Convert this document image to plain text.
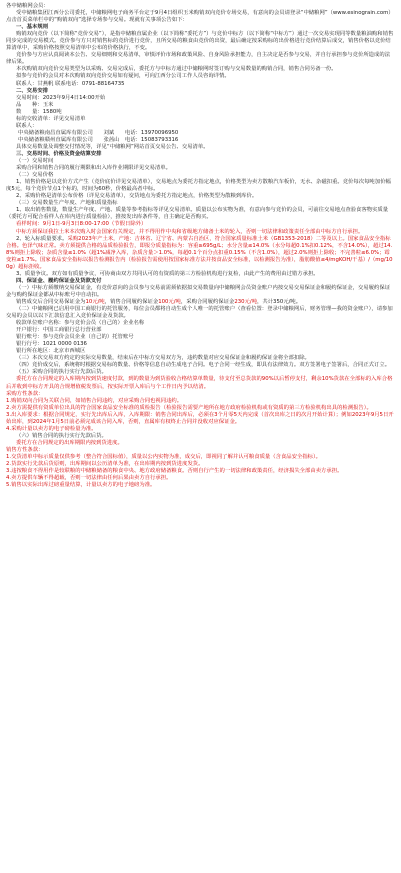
各中储粮网会员：

受中储粮集团江西分公司委托，中储粮网电子商务平台定于9月4日组织玉米购销双向竞价专场交易，有意向的会员请登录“中储粮网”（www.esinograin.com）点击首页菜单栏中的“购销双向”选择专场参与交易。现就有关事项公告如下：

一、基本规则

购销双向竞价（以下简称“竞价交易”），是指中储粮直属企业（以下简称“委托方”）与竞价中标方（以下简称“中标方”）通过一次交易实现同等数量粮油购和销售同步完成的交易模式。竞价参与方只对销售标的竞价进行竞价，且所交易的粮食由竞价的出资，最后确定按采购标的出价格进行竞价结算后成交，销售价格以竞价结算清单中，采购价格按照交易清单中公布的价格执行，不变。

竞价参与方应认真阅读本公告、交易细则和交易清单，审慎评价市场和政策风险、自身风险承担能力，自主决定是否参与交易，并自行承担参与竞价所造成的法律后果。

本次购销双向竞价交易类型为以采购、交易完成后，委托方与中标方通过中储粮网时签订购与交易数量的购销合同，销售合同另备一份。

拟参与竞价的会员对本次购销双向竞价交易如有疑问，可向江西分公司工作人员咨询详情。

联系人：甘燕帆 联系电话：0791-88164735

二、交易安排

交易时间：2023年9月4日14:00开始

品　　种：玉米

数　　量：1580吨

标的交收清单：详见交易清单

联系人：

中央储备粮南昌直属库有限公司　　刘斌　　电话：13970096950

中央储备粮赣州直属库有限公司　　张茜山　电话：15083793316

具体交易数量及调整交付情况等，详见“中储粮网”网站首页交易公告、交易清单。

三、交易时间、价格及资金结算安排

（一）交易时间

采购合同和销售合同的履行期限和出入库作业期限详见交易清单。

（二）交易价格

1、销售价格是以竞价方式产生（竞价底价详见交易清单），交易地点为委托方指定地点，价格类型为卖方散粮汽车板价，无水、杂磁扣重。竞价每次每吨加价幅度5元，每个竞价节点1个标的，时间为60秒，价格最高者中标。

2、采购价格是清单公布价格（详见交易清单），交货地点为委托方指定地点，价格类型为散粮到库价。

（三）交易数量生产年度、产地和质量指标

1、取出销售数量，数量生产年度、产地、质量等参考指标等详见交易清单。质量以公布实物为准，有意向参与竞价的会员，可前往交易地点查验食客物实质量（委托方可配合看样人在库内进行质量检验），推按发出库条件等，自主确定是否购买。

看样时间：9月1日-9月3日8:00-17:00（节假日除外）

中标方须保证我拉土米本次购入时会国家有关规定，并不得用作中央和省级地方储备土米的轮入，否则一切法律和政策责任全部由中标方自行承担。

2、轮入标质量要求。采购2023年产土米，产地：吉林省、辽宁省、内蒙古自治区，符合国家质量标准土米（GB1353-2018）二等及以上。国家食品安全指标合格。色泽气味正常。卖方须提供合格的品质检验报告，即报分质量指标为：容重≥695g/L；水分含量≤14.0%（水分每超0.1%扣0.12%，不含14.0%），超过14.8%则拒上除收；杂质含量≤1.0%（超1%减净入库，杂质含量＞1.0%，每超0.1个百分点扣重0.15%（不含1.0%），超过2.0%则拒上除收；不完善粒≤6.0%；霉变粒≤1.7%。国家食品安全指标以报告检测报告内（检验报告需使用按国家标准方法并按食品安全标准，以检测报告为准），脂肪酸值≤4/mgKOH/干基）/（mg/100g）超标拒收。

3、质量争议。双方如有质量争议，可协商由双方共同认可的有资质的第三方检验机构进行复检，由此产生的费用由过错方承担。

四、保证金、履约保证金及货款支付

（一）中标方须缴纳交易保证金，有竞价意向的会员参与交易前需须依据拟交易数量向中储粮网会员资金账户内按交易交易保证金和履约保证金，交易履约保证金与购约保证金都从中标账号中自动扣。

销售成交后合同交易保证金为10元/吨，销售合同履约保证金100元/吨，采购合同履约保证金230元/吨，共计350元/吨。

（二）中储粮网已启用中国工商银行的托管服务，每位会员都将自动生成个人唯一的托管账户（查看位置：登录中储粮网后，财务管理—我的资金账户），请参加交易的会员以以下汇款信息汇入竞价保证金及货款。

收款单位账户名称：参与竞价会员（自己的）企业名称

开户银行：中国工商银行总行营业部

银行账号：参与竞价会员企业（自己的）托管账号

银行行号：1021 0000 0136

银行所在地区：北京市西城区

（三）本次交易双方约定的实际交易数量，结束后在中标方交易双方为，违约数量对应交易保证金和履约保证金将全部扣除。

（四）竞价成交后，系统将时根据交易标的数量、价格等信息自动生成电子合同。电子合同一经生成，即具有法律效力。双方签署电子签署后，合同正式订立。

（五）采购合同的执行实行先款后货。

委托方在合同规定的入库期内按到货速度付款，到的数量为到货验收合格结算单数量，待支付至总货款的90%以后暂停支付，剩余10%货款在全部标的入库合格后并收到中标方开具的合规增值税发票后，按实际开票入库后与个工作日内予以结清。

采购方性条款：

1.购销双向合同为关联合同，如销售合同违约，对应采购合同也视同违约。

2.卖方需提供有资质单位出具的符合国家食品安全标准的质检报告（检验报告需要产地所在地方政府检验机构或有资质的第三方检验机构出具的检测报告）。

3.出入库要求：根据合同规定，实行先出库后入库，入库期限：销售合同出库后，必须在3个月零5天内完成（首次出库之日的次月开始计算）；例如2023年9月5日开始出库，到2024年1月5日前必须完成该合同入库，否则，直属库有权终止合同并没收对应保证金。

4.采购计量以卖方的电子磅检量为准。

（六）销售合同的执行实行先款后货。

委托方在合同规定的出库期限内按到货进度。

销售方性条款：

1.交货清单中标示质量仅供参考（整合符合国标值），质量以公内实物为准，成交后，即视同了解并认可粮食质量（含食品安全指标）。

2.货款实行先款后货原则，出库期间以公历清单为准，在出库期内按到货进度发货。

3.违按粮食不得用作是较联粮的中储粮储备的粮食中央、地方政府储备粮食。否则自行产生的一切法律和政策责任，经济损失全部由卖方承担。

4.卖方提供车辆不得超载，否则一切法律由任何后果由卖方自行承担。

5.销售以实际出库过磅重量结算，计量以卖方的电子地磅为准。
